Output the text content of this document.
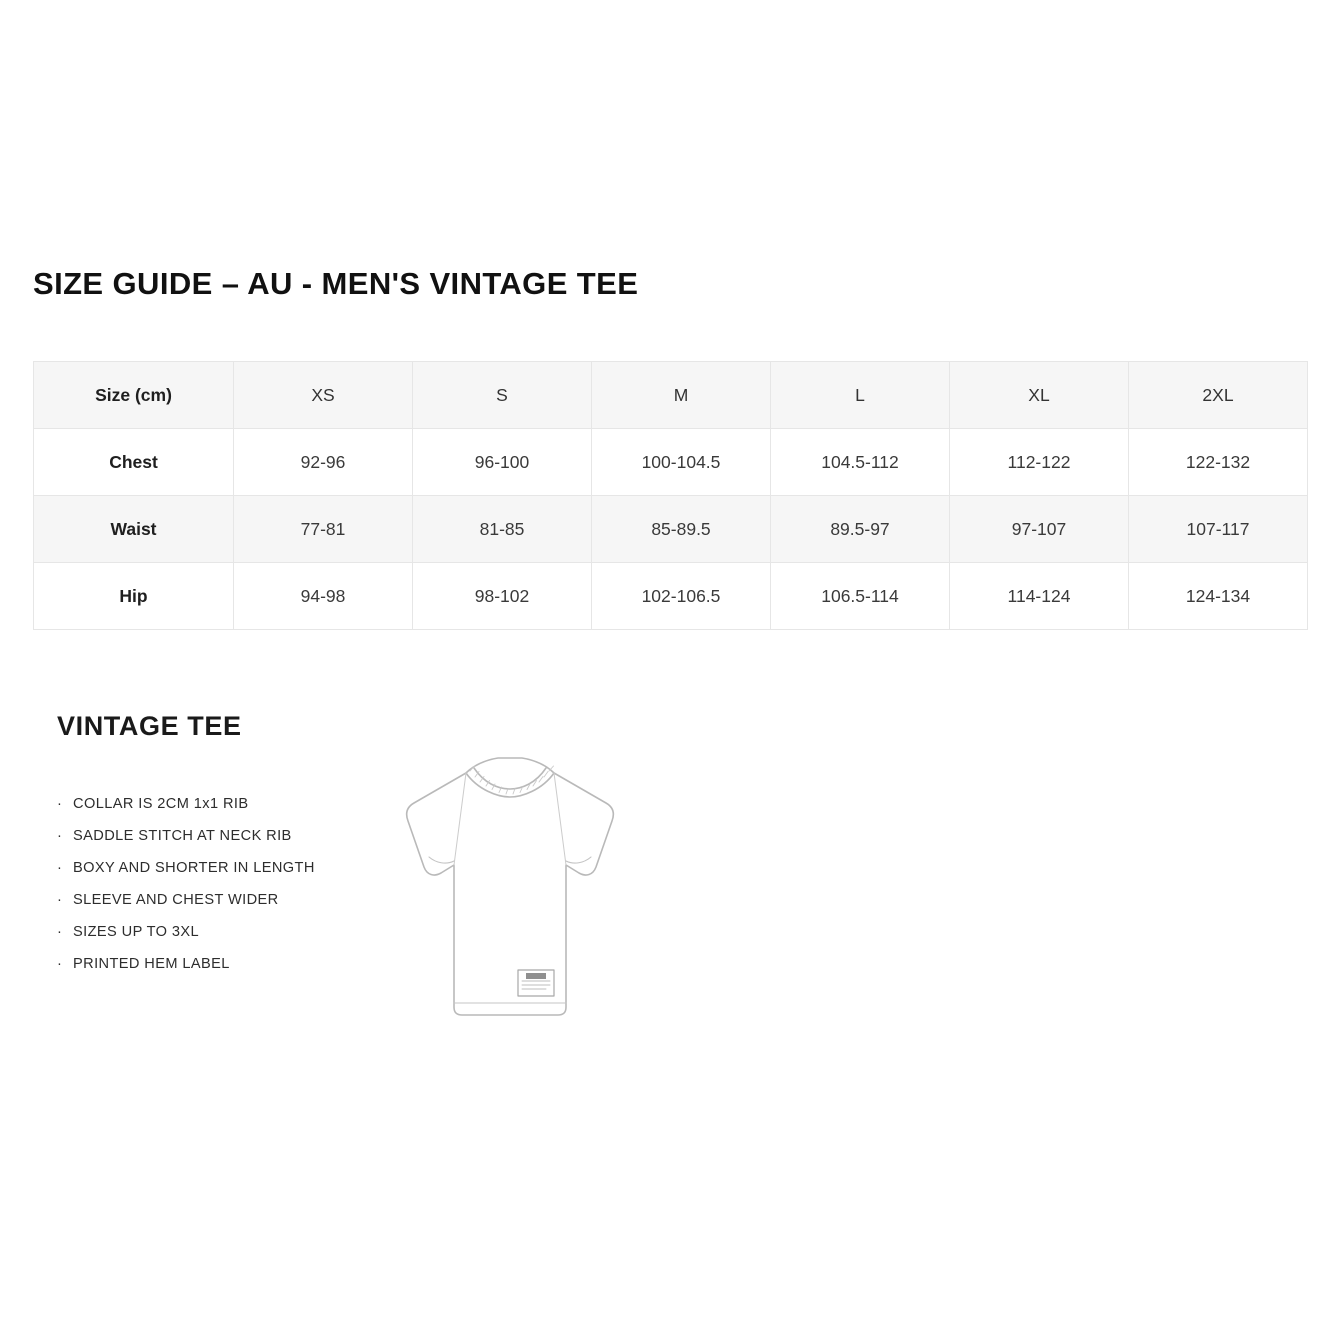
SIZE GUIDE – AU - MEN'S VINTAGE TEE
Size (cm)	XS	S	M	L	XL	2XL
Chest	92-96	96-100	100-104.5	104.5-112	112-122	122-132
Waist	77-81	81-85	85-89.5	89.5-97	97-107	107-117
Hip	94-98	98-102	102-106.5	106.5-114	114-124	124-134
VINTAGE TEE
· COLLAR IS 2CM 1x1 RIB
· SADDLE STITCH AT NECK RIB
· BOXY AND SHORTER IN LENGTH
· SLEEVE AND CHEST WIDER
· SIZES UP TO 3XL
· PRINTED HEM LABEL
